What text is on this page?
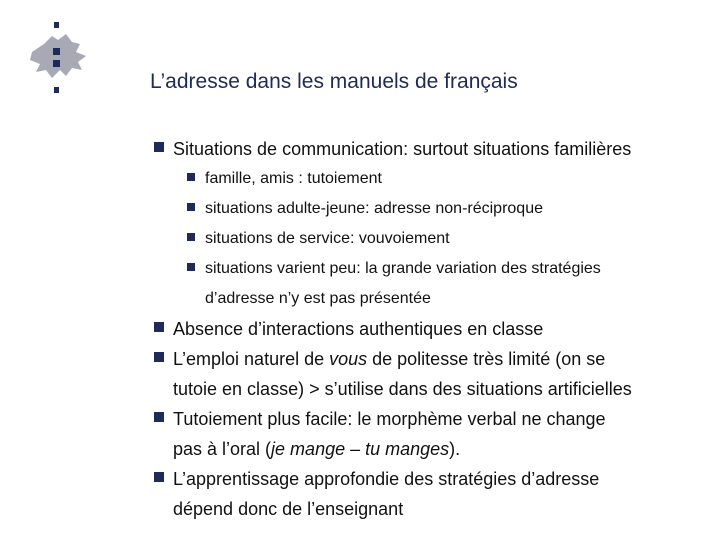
L’adresse dans les manuels de français
Situations de communication: surtout situations familières
famille, amis : tutoiement
situations adulte-jeune: adresse non-réciproque
situations de service: vouvoiement
situations varient peu: la grande variation des stratégies
d’adresse n’y est pas présentée
Absence d’interactions authentiques en classe
L’emploi naturel de vous de politesse très limité (on se
tutoie en classe) > s’utilise dans des situations artificielles
Tutoiement plus facile: le morphème verbal ne change
pas à l’oral (je mange – tu manges).
L’apprentissage approfondie des stratégies d’adresse
dépend donc de l’enseignant
